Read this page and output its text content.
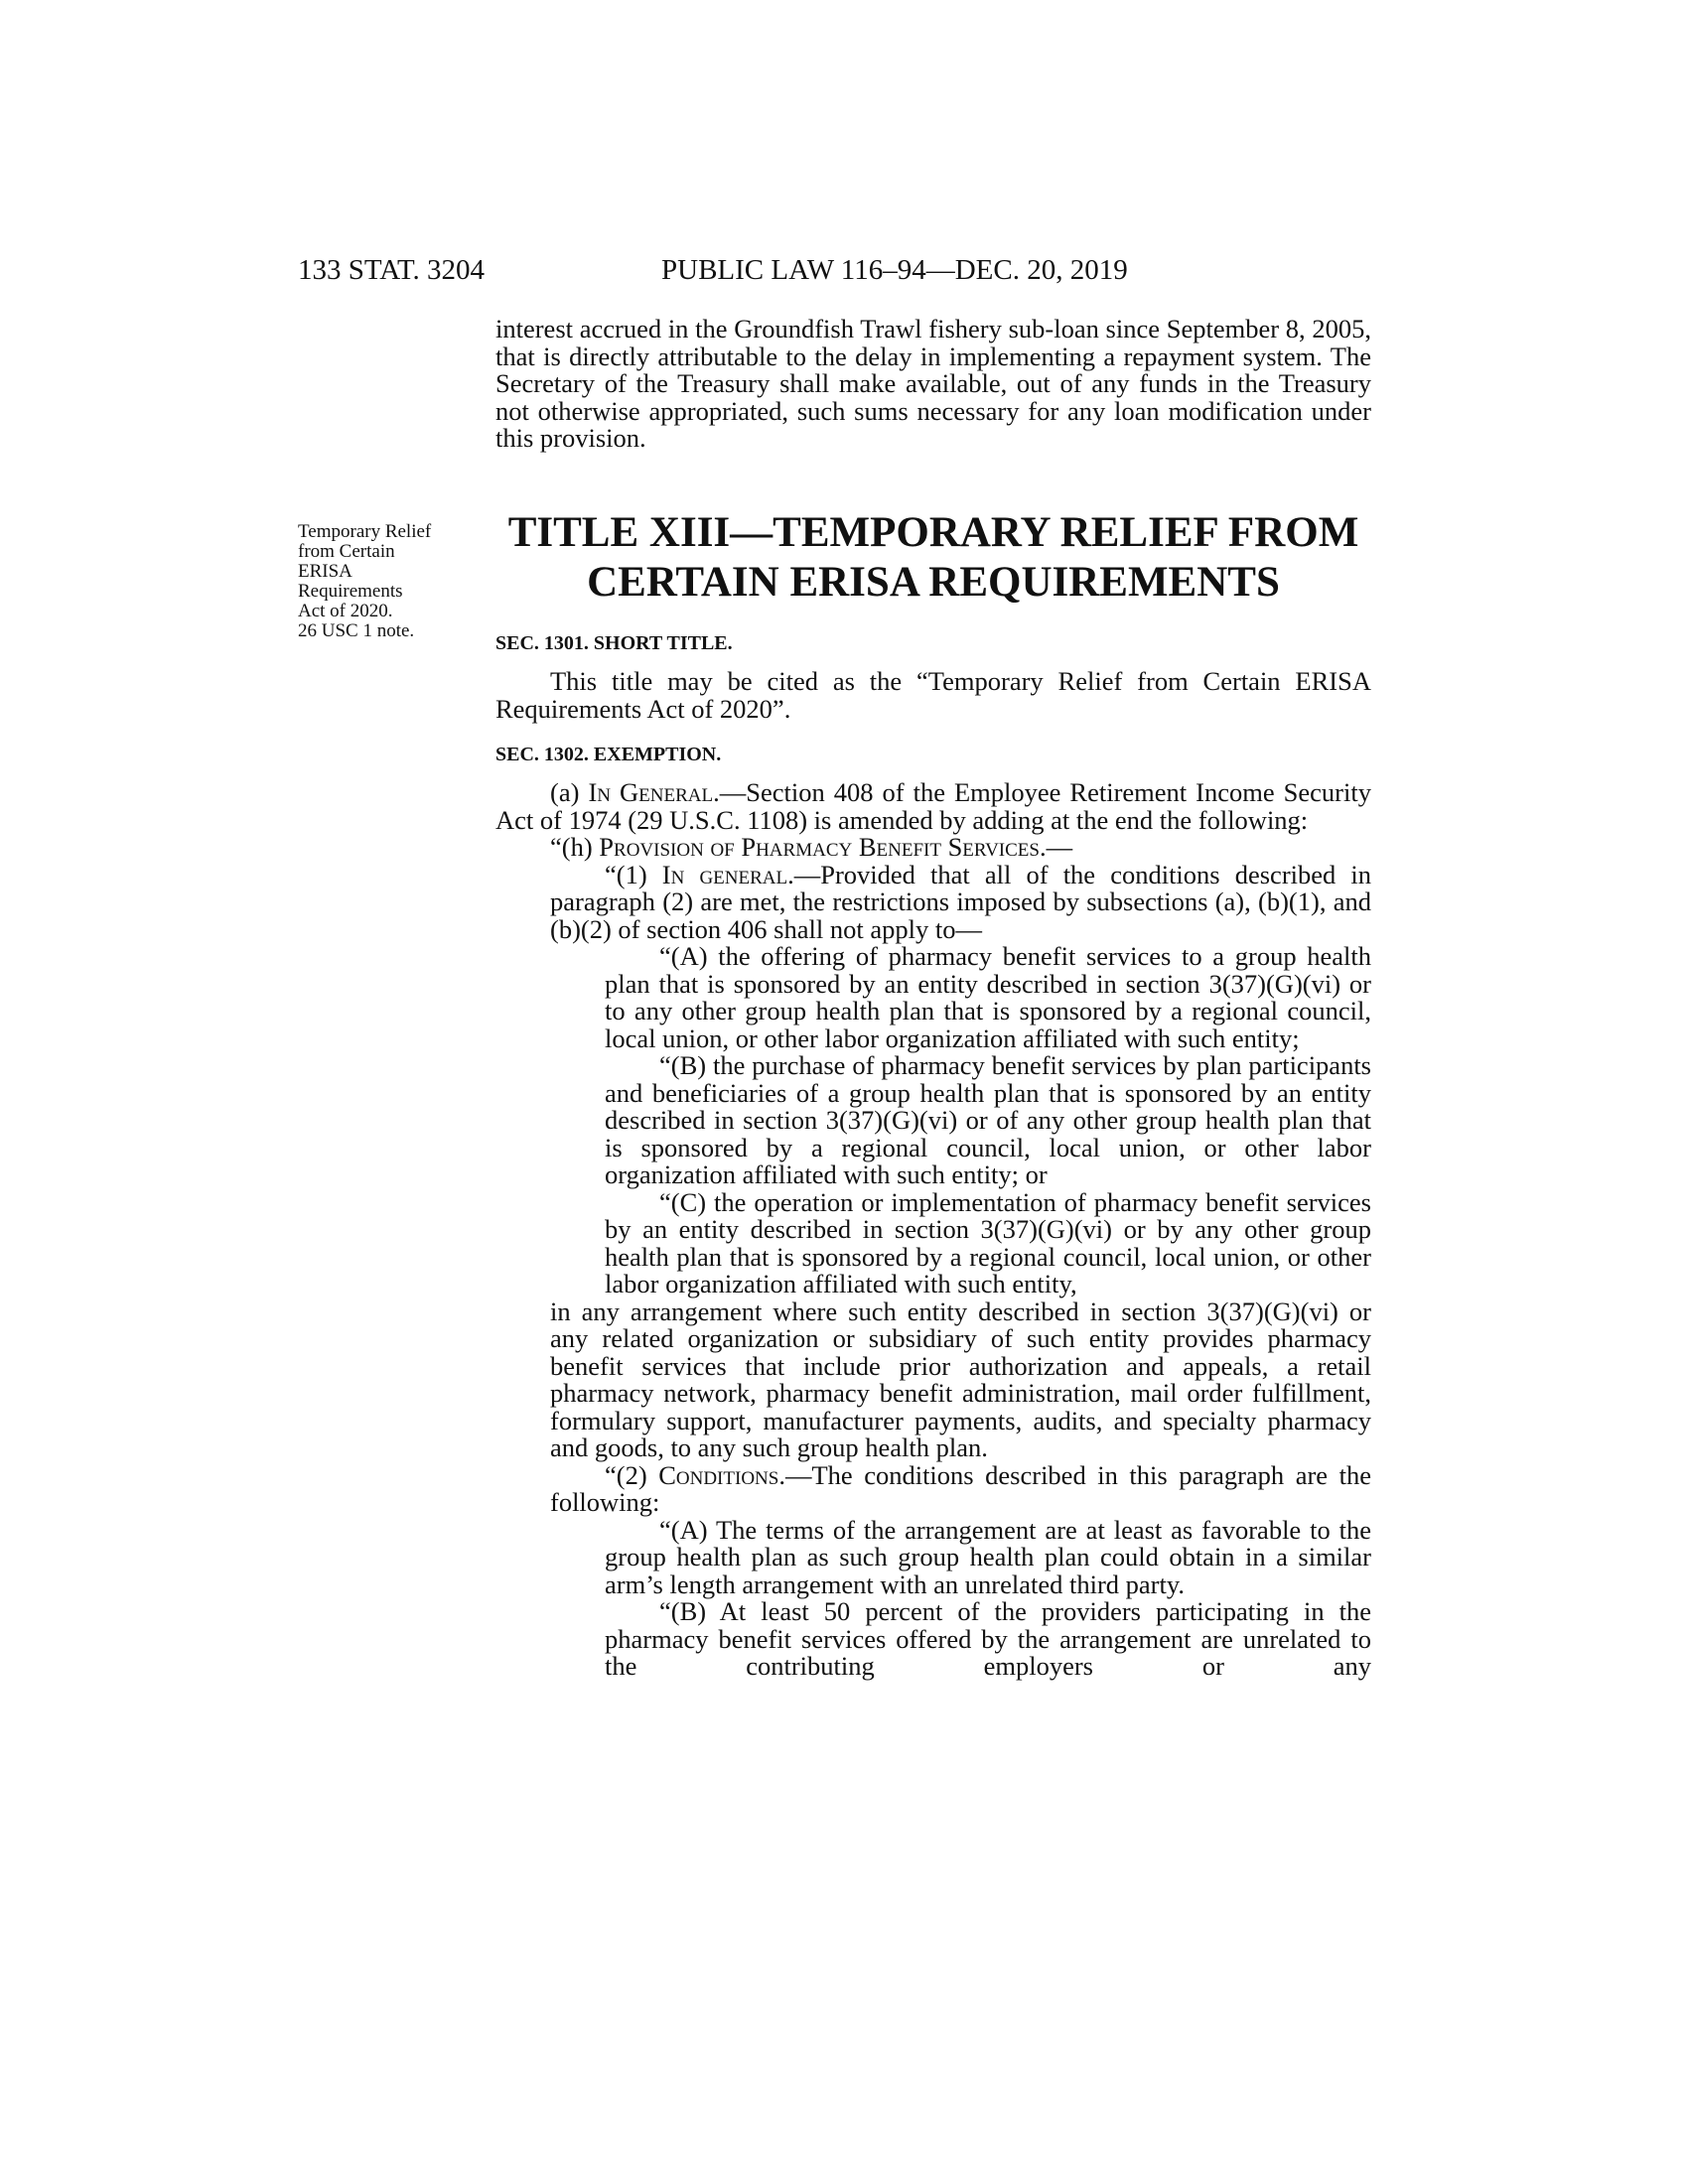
133 STAT. 3204	PUBLIC LAW 116–94—DEC. 20, 2019
Temporary Relief
from Certain
ERISA
Requirements
Act of 2020.
26 USC 1 note.

interest accrued in the Groundfish Trawl fishery sub-loan since September 8, 2005, that is directly attributable to the delay in implementing a repayment system. The Secretary of the Treasury shall make available, out of any funds in the Treasury not otherwise appropriated, such sums necessary for any loan modification under this provision.

TITLE XIII—TEMPORARY RELIEF FROM
CERTAIN ERISA REQUIREMENTS
SEC. 1301. SHORT TITLE.

This title may be cited as the “Temporary Relief from Certain ERISA Requirements Act of 2020”.

SEC. 1302. EXEMPTION.

(a) In General.—Section 408 of the Employee Retirement Income Security Act of 1974 (29 U.S.C. 1108) is amended by adding at the end the following:

“(h) Provision of Pharmacy Benefit Services.—

“(1) In general.—Provided that all of the conditions described in paragraph (2) are met, the restrictions imposed by subsections (a), (b)(1), and (b)(2) of section 406 shall not apply to—

“(A) the offering of pharmacy benefit services to a group health plan that is sponsored by an entity described in section 3(37)(G)(vi) or to any other group health plan that is sponsored by a regional council, local union, or other labor organization affiliated with such entity;

“(B) the purchase of pharmacy benefit services by plan participants and beneficiaries of a group health plan that is sponsored by an entity described in section 3(37)(G)(vi) or of any other group health plan that is sponsored by a regional council, local union, or other labor organization affiliated with such entity; or

“(C) the operation or implementation of pharmacy benefit services by an entity described in section 3(37)(G)(vi) or by any other group health plan that is sponsored by a regional council, local union, or other labor organization affiliated with such entity,

in any arrangement where such entity described in section 3(37)(G)(vi) or any related organization or subsidiary of such entity provides pharmacy benefit services that include prior authorization and appeals, a retail pharmacy network, pharmacy benefit administration, mail order fulfillment, formulary support, manufacturer payments, audits, and specialty pharmacy and goods, to any such group health plan.

“(2) Conditions.—The conditions described in this paragraph are the following:

“(A) The terms of the arrangement are at least as favorable to the group health plan as such group health plan could obtain in a similar arm’s length arrangement with an unrelated third party.

“(B) At least 50 percent of the providers participating in the pharmacy benefit services offered by the arrangement are unrelated to the contributing employers or any
